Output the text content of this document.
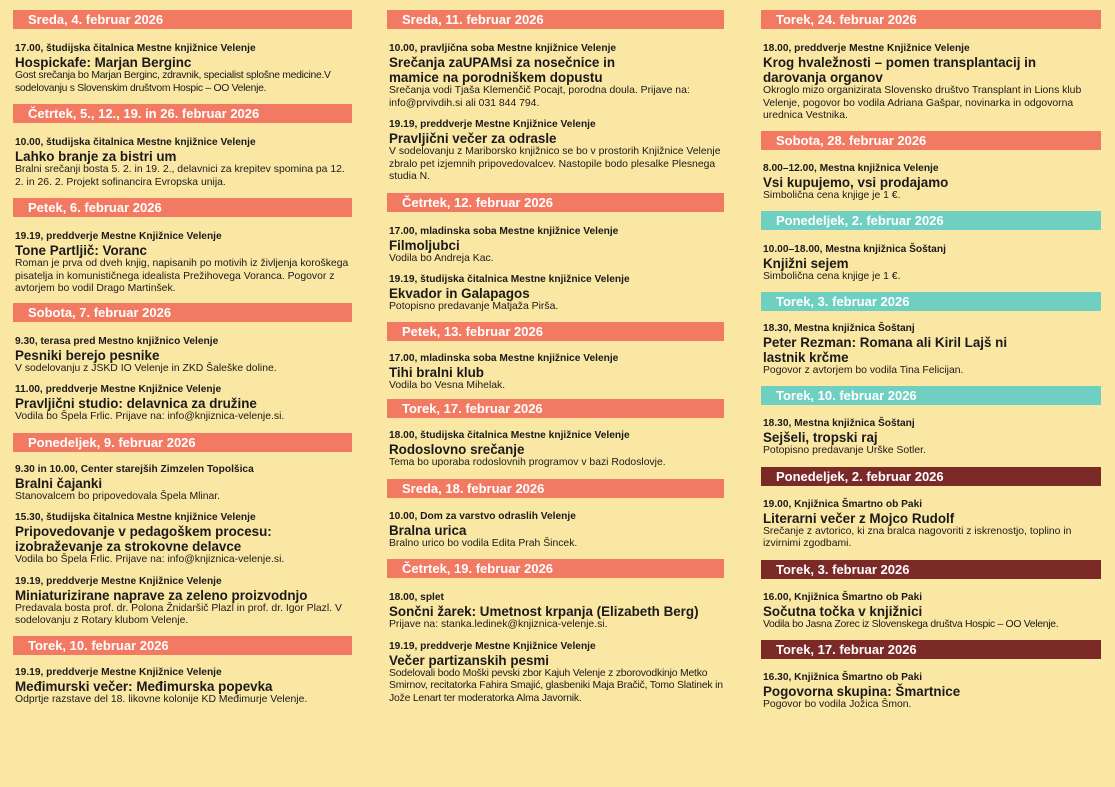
Sreda, 4. februar 2026
17.00, študijska čitalnica Mestne knjižnice Velenje
Hospickafe: Marjan Berginc
Gost srečanja bo Marjan Berginc, zdravnik, specialist splošne medicine.V sodelovanju s Slovenskim društvom Hospic – OO Velenje.
Četrtek, 5., 12., 19. in 26. februar 2026
10.00, študijska čitalnica Mestne knjižnice Velenje
Lahko branje za bistri um
Bralni srečanji bosta 5. 2. in 19. 2., delavnici za krepitev spomina pa 12. 2. in 26. 2. Projekt sofinancira Evropska unija.
Petek, 6. februar 2026
19.19, preddverje Mestne Knjižnice Velenje
Tone Partljič: Voranc
Roman je prva od dveh knjig, napisanih po motivih iz življenja koroškega pisatelja in komunističnega idealista Prežihovega Voranca. Pogovor z avtorjem bo vodil Drago Martinšek.
Sobota, 7. februar 2026
9.30, terasa pred Mestno knjižnico Velenje
Pesniki berejo pesnike
V sodelovanju z JSKD IO Velenje in ZKD Šaleške doline.
11.00, preddverje Mestne Knjižnice Velenje
Pravljični studio: delavnica za družine
Vodila bo Špela Frlic. Prijave na: info@knjiznica-velenje.si.
Ponedeljek, 9. februar 2026
9.30 in 10.00, Center starejših Zimzelen Topolšica
Bralni čajanki
Stanovalcem bo pripovedovala Špela Mlinar.
15.30, študijska čitalnica Mestne knjižnice Velenje
Pripovedovanje v pedagoškem procesu: izobraževanje za strokovne delavce
Vodila bo Špela Frlic. Prijave na: info@knjiznica-velenje.si.
19.19, preddverje Mestne Knjižnice Velenje
Miniaturizirane naprave za zeleno proizvodnjo
Predavala bosta prof. dr. Polona Žnidaršič Plazl in prof. dr. Igor Plazl. V sodelovanju z Rotary klubom Velenje.
Torek, 10. februar 2026
19.19, preddverje Mestne Knjižnice Velenje
Međimurski večer: Međimurska popevka
Odprtje razstave del 18. likovne kolonije KD Međimurje Velenje.
Sreda, 11. februar 2026
10.00, pravljična soba Mestne knjižnice Velenje
Srečanja zaUPAMsi za nosečnice in mamice na porodniškem dopustu
Srečanja vodi Tjaša Klemenčič Pocajt, porodna doula. Prijave na: info@prvivdih.si ali 031 844 794.
19.19, preddverje Mestne Knjižnice Velenje
Pravljični večer za odrasle
V sodelovanju z Mariborsko knjižnico se bo v prostorih Knjižnice Velenje zbralo pet izjemnih pripovedovalcev. Nastopile bodo plesalke Plesnega studia N.
Četrtek, 12. februar 2026
17.00, mladinska soba Mestne knjižnice Velenje
Filmoljubci
Vodila bo Andreja Kac.
19.19, študijska čitalnica Mestne knjižnice Velenje
Ekvador in Galapagos
Potopisno predavanje Matjaža Pirša.
Petek, 13. februar 2026
17.00, mladinska soba Mestne knjižnice Velenje
Tihi bralni klub
Vodila bo Vesna Mihelak.
Torek, 17. februar 2026
18.00, študijska čitalnica Mestne knjižnice Velenje
Rodoslovno srečanje
Tema bo uporaba rodoslovnih programov v bazi Rodoslovje.
Sreda, 18. februar 2026
10.00, Dom za varstvo odraslih Velenje
Bralna urica
Bralno urico bo vodila Edita Prah Šincek.
Četrtek, 19. februar 2026
18.00, splet
Sončni žarek: Umetnost krpanja (Elizabeth Berg)
Prijave na: stanka.ledinek@knjiznica-velenje.si.
19.19, preddverje Mestne Knjižnice Velenje
Večer partizanskih pesmi
Sodelovali bodo Moški pevski zbor Kajuh Velenje z zborovodkinjo Metko Smirnov, recitatorka Fahira Smajić, glasbeniki Maja Bračič, Tomo Slatinek in Jože Lenart ter moderatorka Alma Javornik.
Torek, 24. februar 2026
18.00, preddverje Mestne Knjižnice Velenje
Krog hvaležnosti – pomen transplantacij in darovanja organov
Okroglo mizo organizirata Slovensko društvo Transplant in Lions klub Velenje, pogovor bo vodila Adriana Gašpar, novinarka in odgovorna urednica Vestnika.
Sobota, 28. februar 2026
8.00–12.00, Mestna knjižnica Velenje
Vsi kupujemo, vsi prodajamo
Simbolična cena knjige je 1 €.
Ponedeljek, 2. februar 2026
10.00–18.00, Mestna knjižnica Šoštanj
Knjižni sejem
Simbolična cena knjige je 1 €.
Torek, 3. februar 2026
18.30, Mestna knjižnica Šoštanj
Peter Rezman: Romana ali Kiril Lajš ni lastnik krčme
Pogovor z avtorjem bo vodila Tina Felicijan.
Torek, 10. februar 2026
18.30, Mestna knjižnica Šoštanj
Sejšeli, tropski raj
Potopisno predavanje Urške Sotler.
Ponedeljek, 2. februar 2026
19.00, Knjižnica Šmartno ob Paki
Literarni večer z Mojco Rudolf
Srečanje z avtorico, ki zna bralca nagovoriti z iskrenostjo, toplino in izvirnimi zgodbami.
Torek, 3. februar 2026
16.00, Knjižnica Šmartno ob Paki
Sočutna točka v knjižnici
Vodila bo Jasna Zorec iz Slovenskega društva Hospic – OO Velenje.
Torek, 17. februar 2026
16.30, Knjižnica Šmartno ob Paki
Pogovorna skupina: Šmartnice
Pogovor bo vodila Jožica Šmon.
